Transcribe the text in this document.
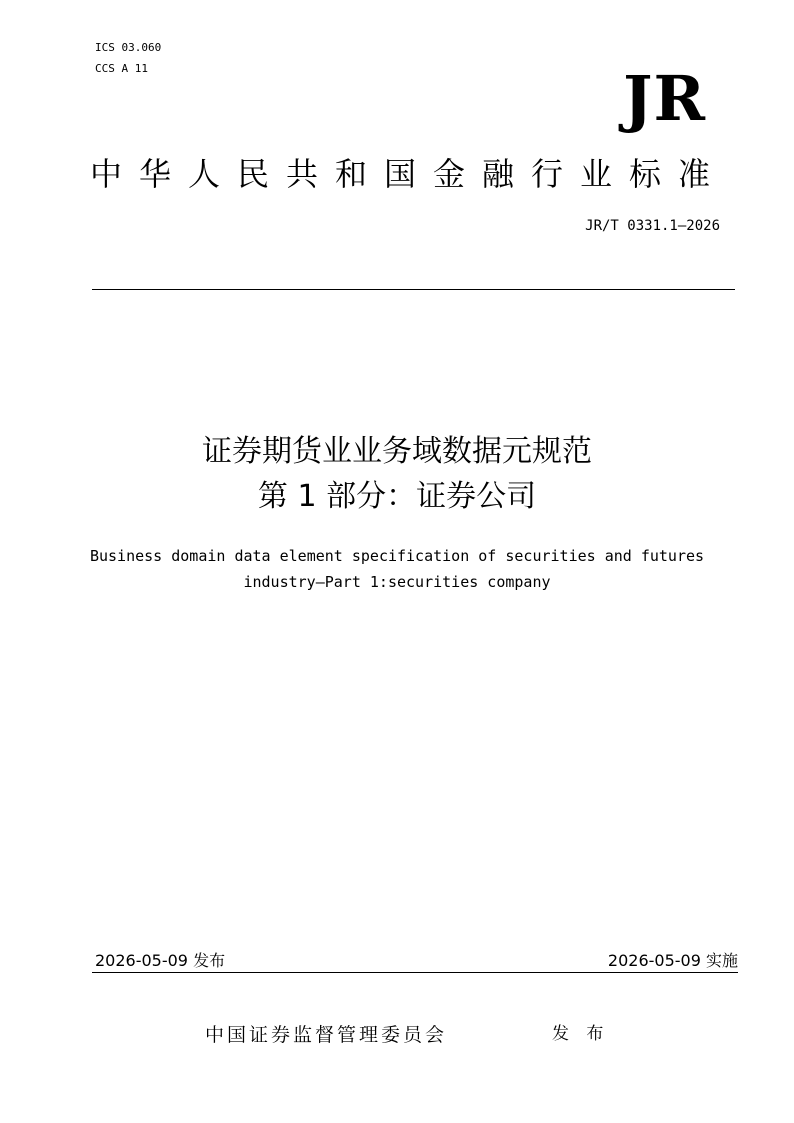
ICS 03.060
CCS A 11	JR
中华人民共和国金融行业标准
JR/T 0331.1—2026
证券期货业业务域数据元规范
第 1 部分：证券公司
Business domain data element specification of securities and futures
industry—Part 1:securities company
2026-05-09 发布	2026-05-09 实施
中国证券监督管理委员会	发 布
